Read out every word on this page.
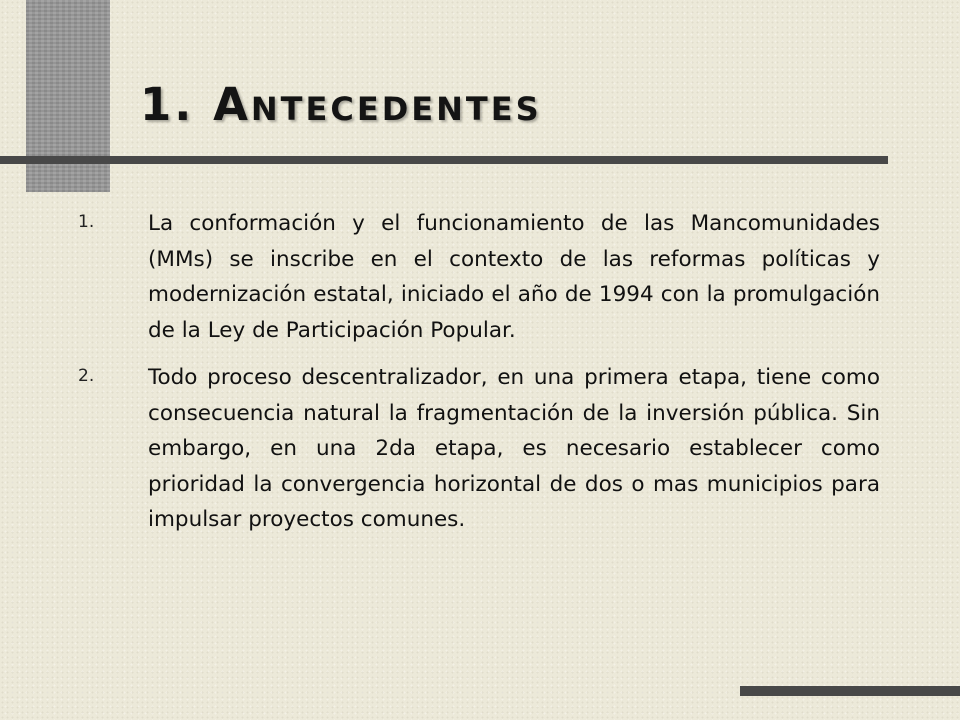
1. Antecedentes
1.	La conformación y el funcionamiento de las Mancomunidades (MMs) se inscribe en el contexto de las reformas políticas y modernización estatal, iniciado el año de 1994 con la promulgación de la Ley de Participación Popular.
2.	Todo proceso descentralizador, en una primera etapa, tiene como consecuencia natural la fragmentación de la inversión pública. Sin embargo, en una 2da etapa, es necesario establecer como prioridad la convergencia horizontal de dos o mas municipios para impulsar proyectos comunes.
